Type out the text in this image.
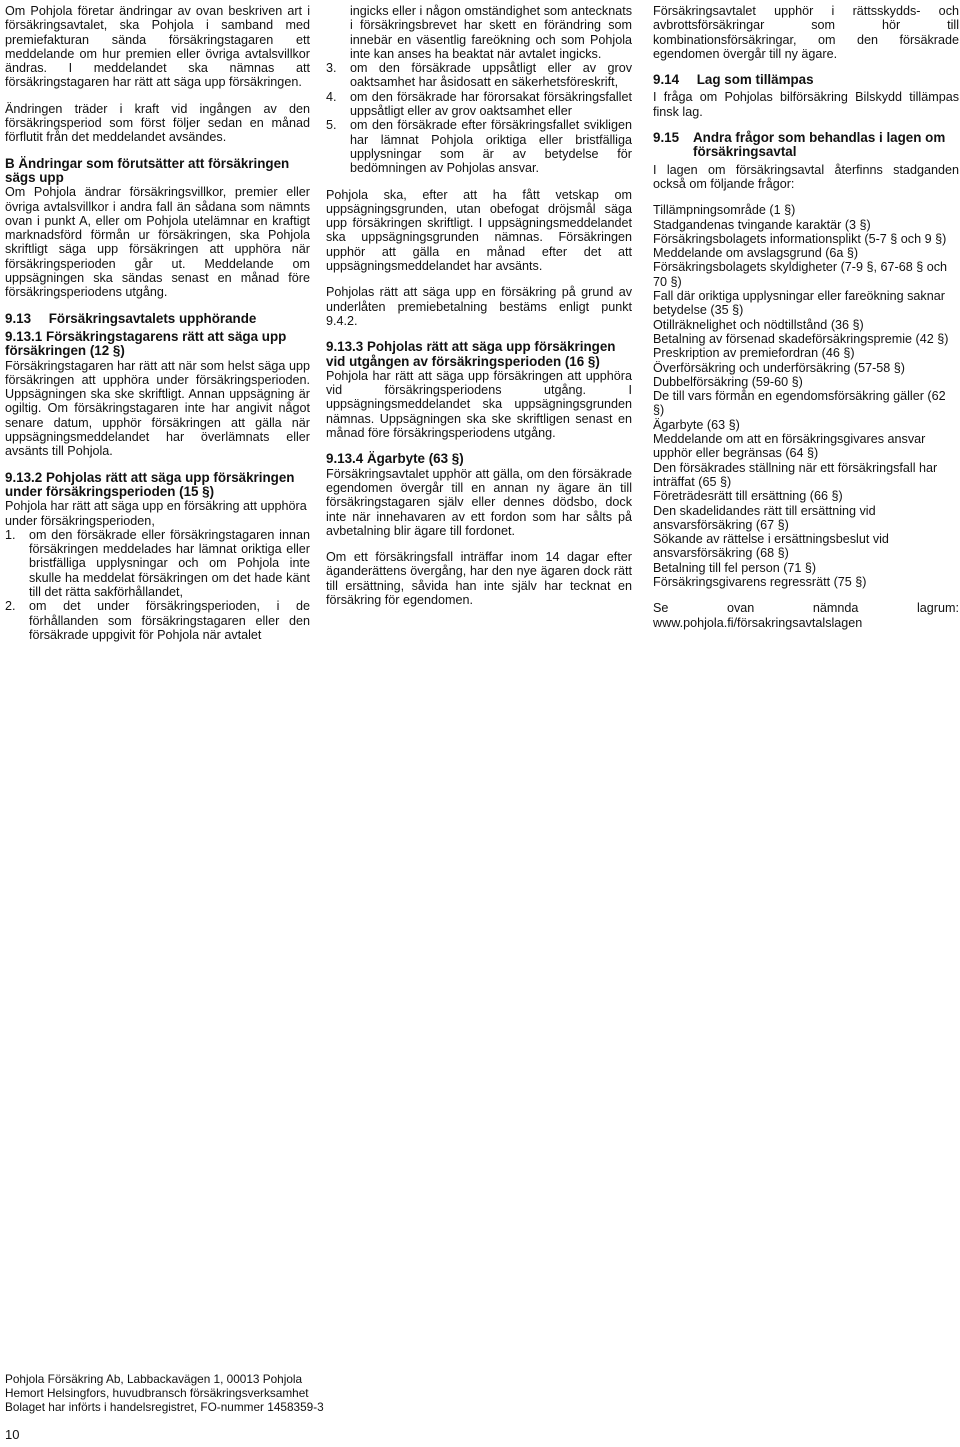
Om Pohjola företar ändringar av ovan beskriven art i försäkringsavtalet, ska Pohjola i samband med premiefakturan sända försäkringstagaren ett meddelande om hur premien eller övriga avtalsvillkor ändras. I meddelandet ska nämnas att försäkringstagaren har rätt att säga upp försäkringen.

Ändringen träder i kraft vid ingången av den försäkringsperiod som först följer sedan en månad förflutit från det meddelandet avsändes.

B Ändringar som förutsätter att försäkringen sägs upp

Om Pohjola ändrar försäkringsvillkor, premier eller övriga avtalsvillkor i andra fall än sådana som nämnts ovan i punkt A, eller om Pohjola utelämnar en kraftigt marknadsförd förmån ur försäkringen, ska Pohjola skriftligt säga upp försäkringen att upphöra när försäkringsperioden går ut. Meddelande om uppsägningen ska sändas senast en månad före försäkringsperiodens utgång.

9.13 Försäkringsavtalets upphörande
9.13.1 Försäkringstagarens rätt att säga upp försäkringen (12 §)

Försäkringstagaren har rätt att när som helst säga upp försäkringen att upphöra under försäkringsperioden. Uppsägningen ska ske skriftligt. Annan uppsägning är ogiltig. Om försäkringstagaren inte har angivit något senare datum, upphör försäkringen att gälla när uppsägningsmeddelandet har överlämnats eller avsänts till Pohjola.

9.13.2 Pohjolas rätt att säga upp försäkringen under försäkringsperioden (15 §)
Pohjola har rätt att säga upp en försäkring att upphöra under försäkringsperioden,
1. om den försäkrade eller försäkringstagaren innan försäkringen meddelades har lämnat oriktiga eller bristfälliga upplysningar och om Pohjola inte skulle ha meddelat försäkringen om det hade känt till det rätta sakförhållandet,
2. om det under försäkringsperioden, i de förhållanden som försäkringstagaren eller den försäkrade uppgivit för Pohjola när avtalet
ingicks eller i någon omständighet som antecknats i försäkringsbrevet har skett en förändring som innebär en väsentlig fareökning och som Pohjola inte kan anses ha beaktat när avtalet ingicks.
3. om den försäkrade uppsåtligt eller av grov oaktsamhet har åsidosatt en säkerhetsföreskrift,
4. om den försäkrade har förorsakat försäkringsfallet uppsåtligt eller av grov oaktsamhet eller
5. om den försäkrade efter försäkringsfallet svikligen har lämnat Pohjola oriktiga eller bristfälliga upplysningar som är av betydelse för bedömningen av Pohjolas ansvar.

Pohjola ska, efter att ha fått vetskap om uppsägningsgrunden, utan obefogat dröjsmål säga upp försäkringen skriftligt. I uppsägningsmeddelandet ska uppsägningsgrunden nämnas. Försäkringen upphör att gälla en månad efter det att uppsägningsmeddelandet har avsänts.

Pohjolas rätt att säga upp en försäkring på grund av underlåten premiebetalning bestäms enligt punkt 9.4.2.

9.13.3 Pohjolas rätt att säga upp försäkringen vid utgången av försäkringsperioden (16 §)

Pohjola har rätt att säga upp försäkringen att upphöra vid försäkringsperiodens utgång. I uppsägningsmeddelandet ska uppsägningsgrunden nämnas. Uppsägningen ska ske skriftligen senast en månad före försäkringsperiodens utgång.

9.13.4 Ägarbyte (63 §)

Försäkringsavtalet upphör att gälla, om den försäkrade egendomen övergår till en annan ny ägare än till försäkringstagaren själv eller dennes dödsbo, dock inte när innehavaren av ett fordon som har sålts på avbetalning blir ägare till fordonet.

Om ett försäkringsfall inträffar inom 14 dagar efter äganderättens övergång, har den nye ägaren dock rätt till ersättning, såvida han inte själv har tecknat en försäkring för egendomen.

Försäkringsavtalet upphör i rättsskydds- och avbrottsförsäkringar som hör till kombinationsförsäkringar, om den försäkrade egendomen övergår till ny ägare.

9.14 Lag som tillämpas

I fråga om Pohjolas bilförsäkring Bilskydd tillämpas finsk lag.

9.15	Andra frågor som behandlas i lagen om försäkringsavtal

I lagen om försäkringsavtal återfinns stadganden också om följande frågor:

Tillämpningsområde (1 §)
Stadgandenas tvingande karaktär (3 §)
Försäkringsbolagets informationsplikt (5-7 § och 9 §)
Meddelande om avslagsgrund (6a §)
Försäkringsbolagets skyldigheter (7-9 §, 67-68 § och 70 §)
Fall där oriktiga upplysningar eller fareökning saknar betydelse (35 §)
Otillräknelighet och nödtillstånd (36 §)
Betalning av försenad skadeförsäkringspremie (42 §)
Preskription av premiefordran (46 §)
Överförsäkring och underförsäkring (57-58 §)
Dubbelförsäkring (59-60 §)
De till vars förmån en egendomsförsäkring gäller (62 §)
Ägarbyte (63 §)
Meddelande om att en försäkringsgivares ansvar upphör eller begränsas (64 §)
Den försäkrades ställning när ett försäkringsfall har inträffat (65 §)
Företrädesrätt till ersättning (66 §)
Den skadelidandes rätt till ersättning vid ansvarsförsäkring (67 §)
Sökande av rättelse i ersättningsbeslut vid ansvarsförsäkring (68 §)
Betalning till fel person (71 §)
Försäkringsgivarens regressrätt (75 §)

Se ovan nämnda lagrum: www.pohjola.fi/försakringsavtalslagen

Pohjola Försäkring Ab, Labbackavägen 1, 00013 Pohjola
Hemort Helsingfors, huvudbransch försäkringsverksamhet
Bolaget har införts i handelsregistret, FO-nummer 1458359-3
10
